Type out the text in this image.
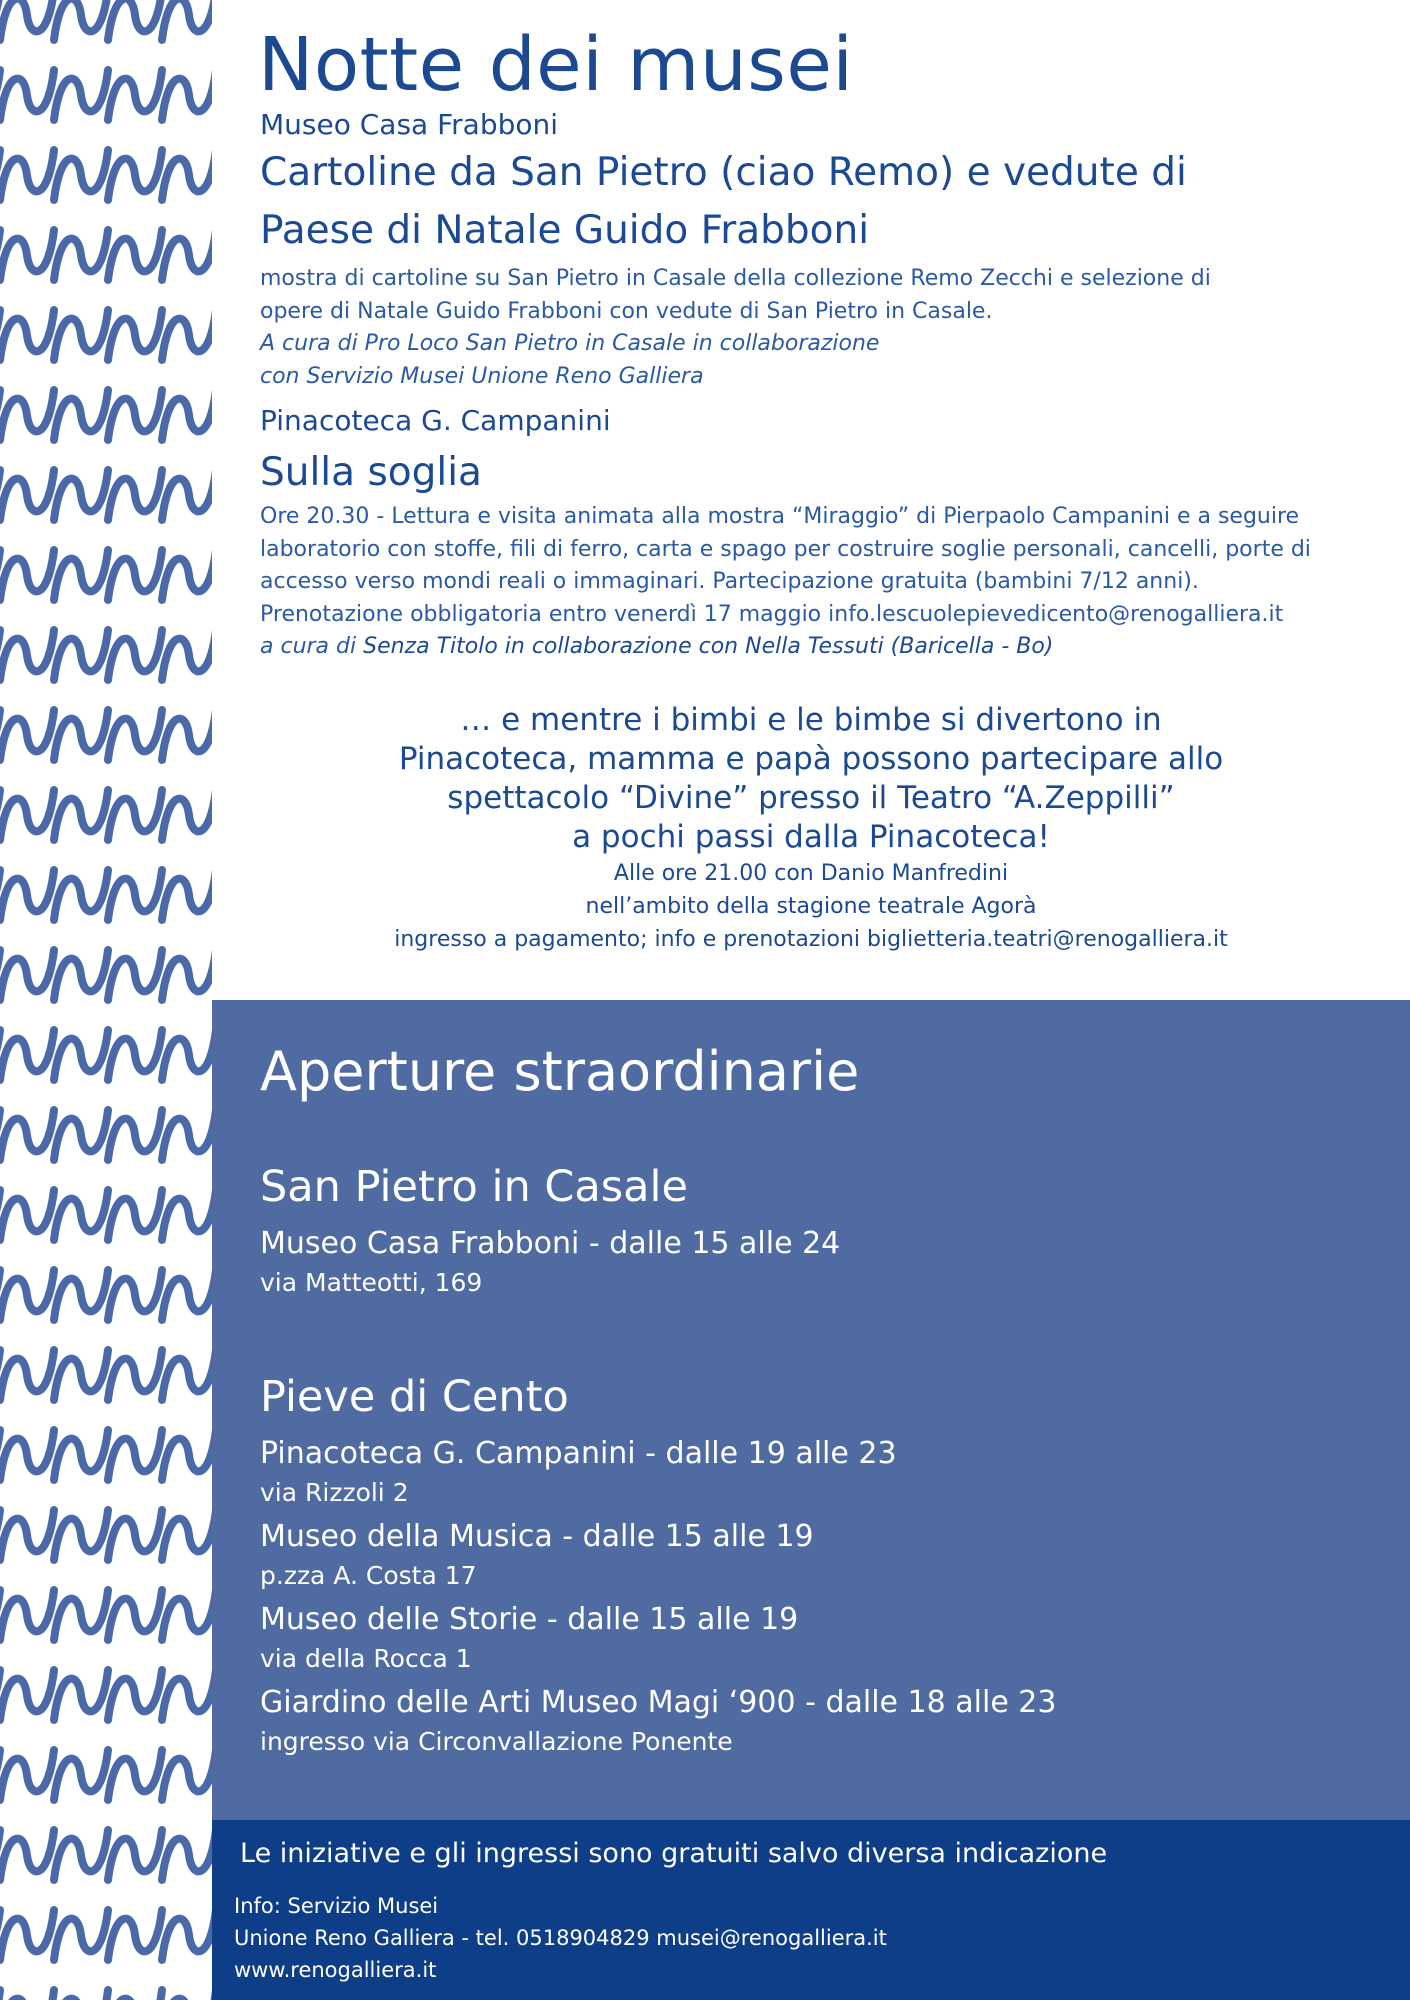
Notte dei musei
Museo Casa Frabboni
Cartoline da San Pietro (ciao Remo) e vedute di
Paese di Natale Guido Frabboni
mostra di cartoline su San Pietro in Casale della collezione Remo Zecchi e selezione di
opere di Natale Guido Frabboni con vedute di San Pietro in Casale.
A cura di Pro Loco San Pietro in Casale in collaborazione
con Servizio Musei Unione Reno Galliera
Pinacoteca G. Campanini
Sulla soglia
Ore 20.30 - Lettura e visita animata alla mostra “Miraggio” di Pierpaolo Campanini e a seguire
laboratorio con stoffe, fili di ferro, carta e spago per costruire soglie personali, cancelli, porte di
accesso verso mondi reali o immaginari. Partecipazione gratuita (bambini 7/12 anni).
Prenotazione obbligatoria entro venerdì 17 maggio info.lescuolepievedicento@renogalliera.it
a cura di Senza Titolo in collaborazione con Nella Tessuti (Baricella - Bo)
… e mentre i bimbi e le bimbe si divertono in
Pinacoteca, mamma e papà possono partecipare allo
spettacolo “Divine” presso il Teatro “A.Zeppilli”
a pochi passi dalla Pinacoteca!
Alle ore 21.00 con Danio Manfredini
nell’ambito della stagione teatrale Agorà
ingresso a pagamento; info e prenotazioni biglietteria.teatri@renogalliera.it
Aperture straordinarie
San Pietro in Casale
Museo Casa Frabboni - dalle 15 alle 24
via Matteotti, 169
Pieve di Cento
Pinacoteca G. Campanini - dalle 19 alle 23
via Rizzoli 2
Museo della Musica - dalle 15 alle 19
p.zza A. Costa 17
Museo delle Storie - dalle 15 alle 19
via della Rocca 1
Giardino delle Arti Museo Magi ‘900 - dalle 18 alle 23
ingresso via Circonvallazione Ponente
Le iniziative e gli ingressi sono gratuiti salvo diversa indicazione
Info: Servizio Musei
Unione Reno Galliera - tel. 0518904829 musei@renogalliera.it
www.renogalliera.it
